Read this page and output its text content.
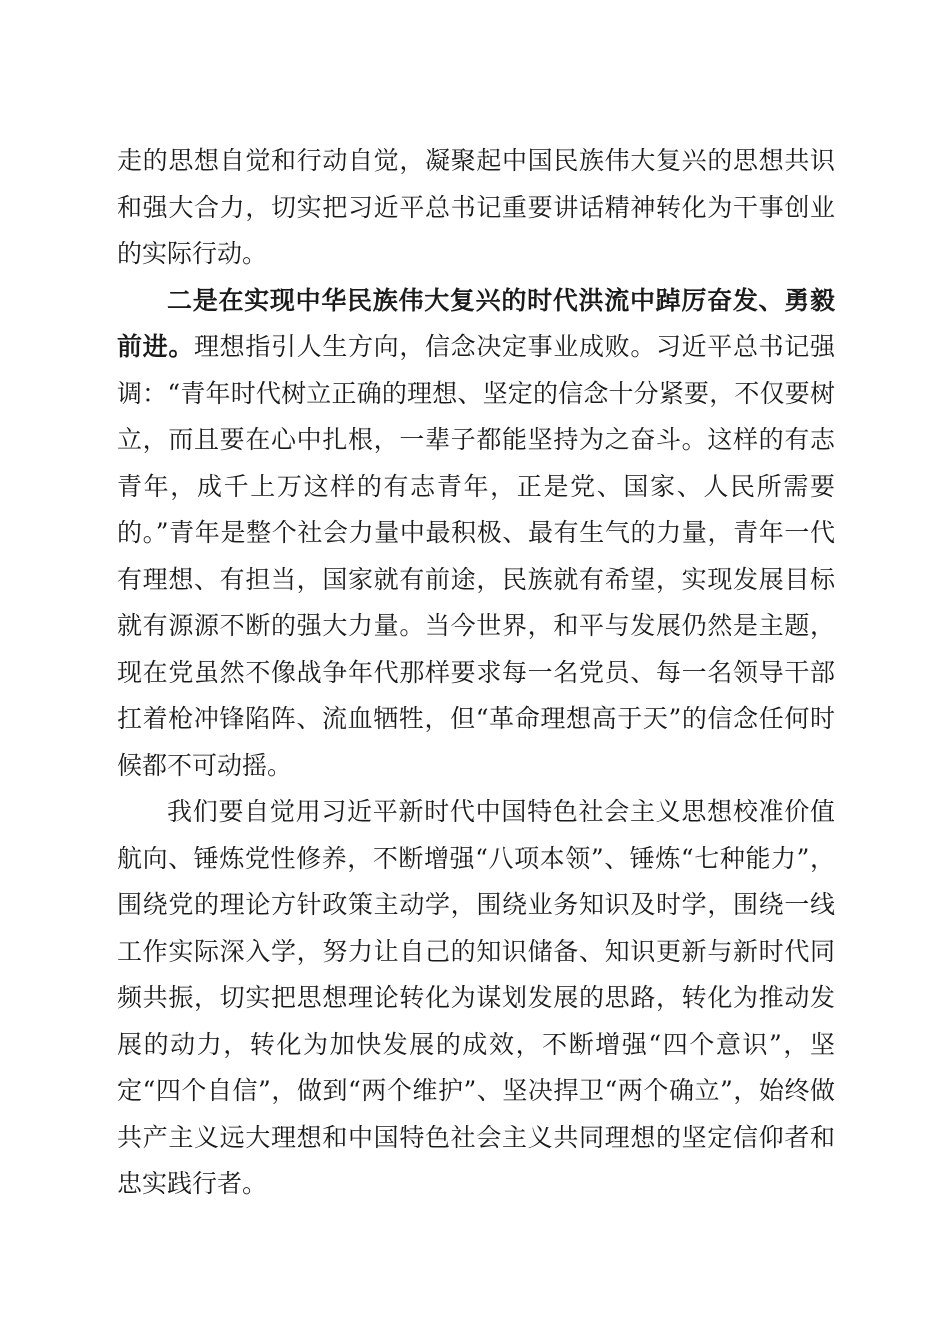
走的思想自觉和行动自觉，凝聚起中国民族伟大复兴的思想共识和强大合力，切实把习近平总书记重要讲话精神转化为干事创业的实际行动。

二是在实现中华民族伟大复兴的时代洪流中踔厉奋发、勇毅前进。理想指引人生方向，信念决定事业成败。习近平总书记强调：“青年时代树立正确的理想、坚定的信念十分紧要，不仅要树立，而且要在心中扎根，一辈子都能坚持为之奋斗。这样的有志青年，成千上万这样的有志青年，正是党、国家、人民所需要的。”青年是整个社会力量中最积极、最有生气的力量，青年一代有理想、有担当，国家就有前途，民族就有希望，实现发展目标就有源源不断的强大力量。当今世界，和平与发展仍然是主题，现在党虽然不像战争年代那样要求每一名党员、每一名领导干部扛着枪冲锋陷阵、流血牺牲，但“革命理想高于天”的信念任何时候都不可动摇。

我们要自觉用习近平新时代中国特色社会主义思想校准价值航向、锤炼党性修养，不断增强“八项本领”、锤炼“七种能力”，围绕党的理论方针政策主动学，围绕业务知识及时学，围绕一线工作实际深入学，努力让自己的知识储备、知识更新与新时代同频共振，切实把思想理论转化为谋划发展的思路，转化为推动发展的动力，转化为加快发展的成效，不断增强“四个意识”，坚定“四个自信”，做到“两个维护”、坚决捍卫“两个确立”，始终做共产主义远大理想和中国特色社会主义共同理想的坚定信仰者和忠实践行者。
